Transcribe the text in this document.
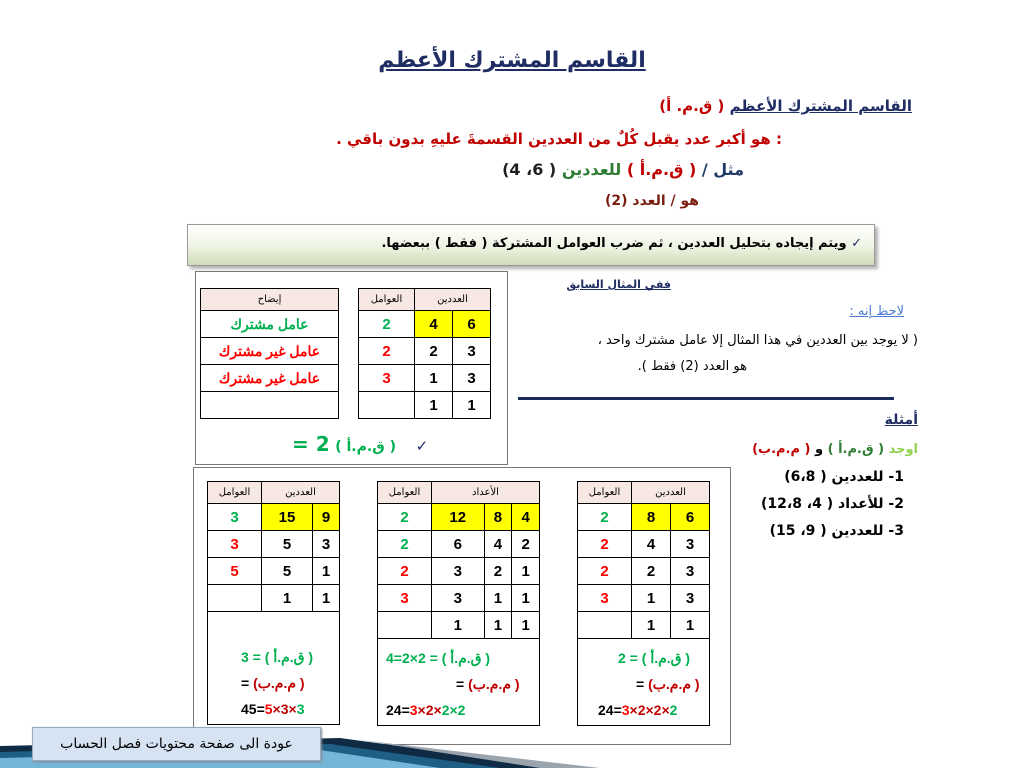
القاسم المشترك الأعظم
القاسم المشترك الأعظم ( ق.م. أ)
: هو أكبر عدد يقبل كُلٌ من العددين القسمةَ عليهِ بدون باقي .
مثل / ( ق.م.أ ) للعددين ( 6، 4)
هو / العدد (2)
✓ ويتم إيجاده بتحليل العددين ، ثم ضرب العوامل المشتركة ( فقط ) ببعضها.
إيضاح
عامل مشترك
عامل غير مشترك
عامل غير مشترك

العوامل	العددين	
2	4	6
2	2	3
3	1	3
	1	1
= 2 ( ق.م.أ ) ✓
ففي المثال السابق
لاحظ إنه :
( لا يوجد بين العددين في هذا المثال إلا عامل مشترك واحد ،
هو العدد (2) فقط ).
أمثلة
اوجد ( ق.م.أ ) و ( م.م.ب)
1- للعددين ( 6،8)
2- للأعداد ( 4، 12،8)
3- للعددين ( 9، 15)
العوامل	العددين	
3	15	9
3	5	3
5	5	1
	1	1

( ق.م.أ ) = 3
( م.م.ب) =
45=5×3×3		
العوامل	الأعداد		
2	12	8	4
2	6	4	2
2	3	2	1
3	3	1	1
	1	1	1

( ق.م.أ ) = 2×2=4
( م.م.ب) =
24=3×2×2×2			
العوامل	العددين	
2	8	6
2	4	3
2	2	3
3	1	3
	1	1

( ق.م.أ ) = 2
( م.م.ب) =
24=3×2×2×2		
عودة الى صفحة محتويات فصل الحساب
